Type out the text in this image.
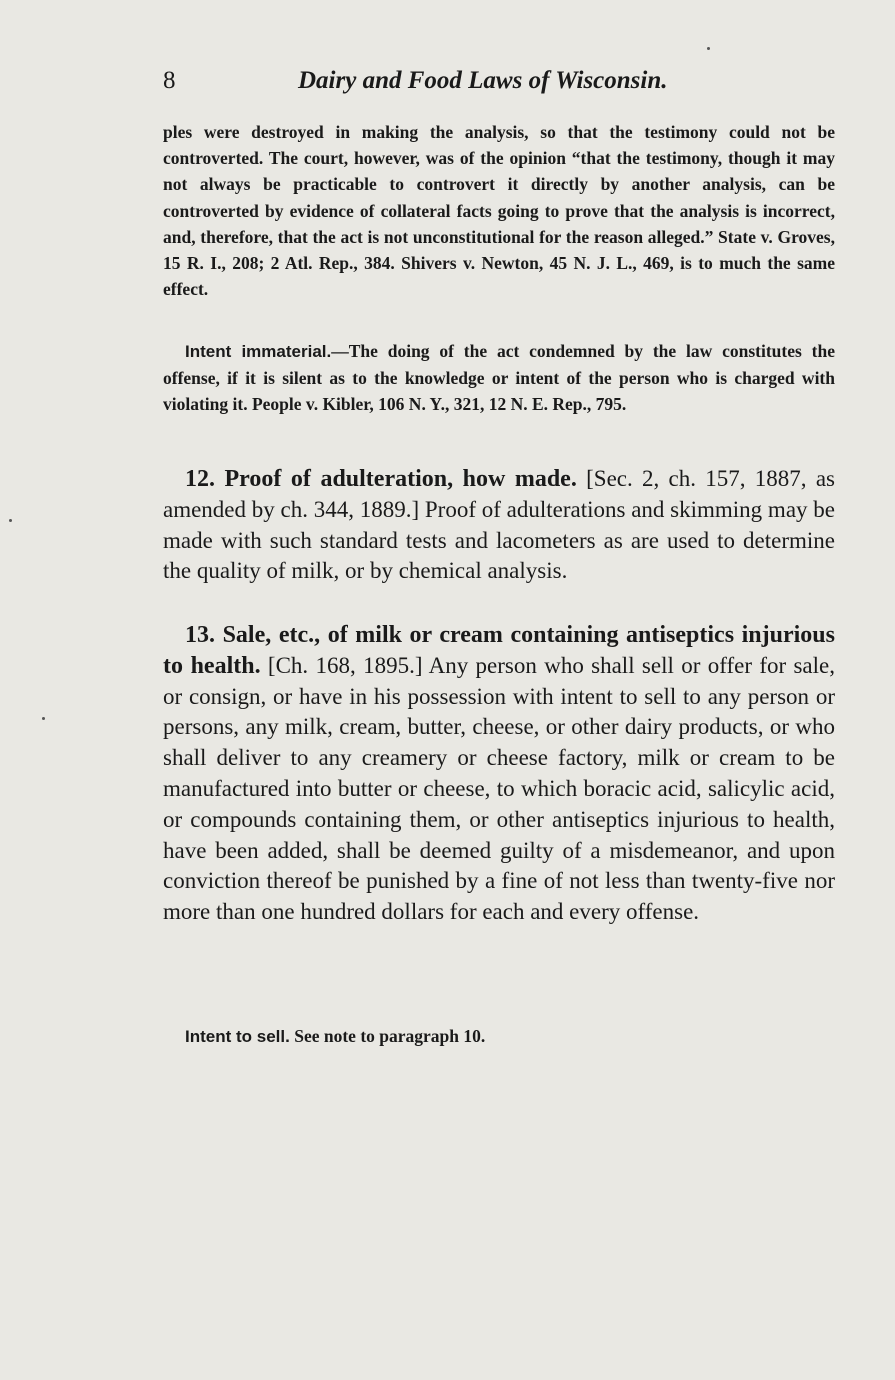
8	Dairy and Food Laws of Wisconsin.

ples were destroyed in making the analysis, so that the testimony could not be controverted. The court, however, was of the opinion “that the testimony, though it may not always be practicable to controvert it directly by another analysis, can be controverted by evidence of collateral facts going to prove that the analysis is incorrect, and, therefore, that the act is not unconstitutional for the reason alleged.” State v. Groves, 15 R. I., 208; 2 Atl. Rep., 384. Shivers v. Newton, 45 N. J. L., 469, is to much the same effect.

Intent immaterial.—The doing of the act condemned by the law constitutes the offense, if it is silent as to the knowledge or intent of the person who is charged with violating it. People v. Kibler, 106 N. Y., 321, 12 N. E. Rep., 795.

12. Proof of adulteration, how made. [Sec. 2, ch. 157, 1887, as amended by ch. 344, 1889.] Proof of adulterations and skimming may be made with such standard tests and lacometers as are used to determine the quality of milk, or by chemical analysis.

13. Sale, etc., of milk or cream containing antiseptics injurious to health. [Ch. 168, 1895.] Any person who shall sell or offer for sale, or consign, or have in his possession with intent to sell to any person or persons, any milk, cream, butter, cheese, or other dairy products, or who shall deliver to any creamery or cheese factory, milk or cream to be manufactured into butter or cheese, to which boracic acid, salicylic acid, or compounds containing them, or other antiseptics injurious to health, have been added, shall be deemed guilty of a misdemeanor, and upon conviction thereof be punished by a fine of not less than twenty-five nor more than one hundred dollars for each and every offense.

Intent to sell. See note to paragraph 10.
